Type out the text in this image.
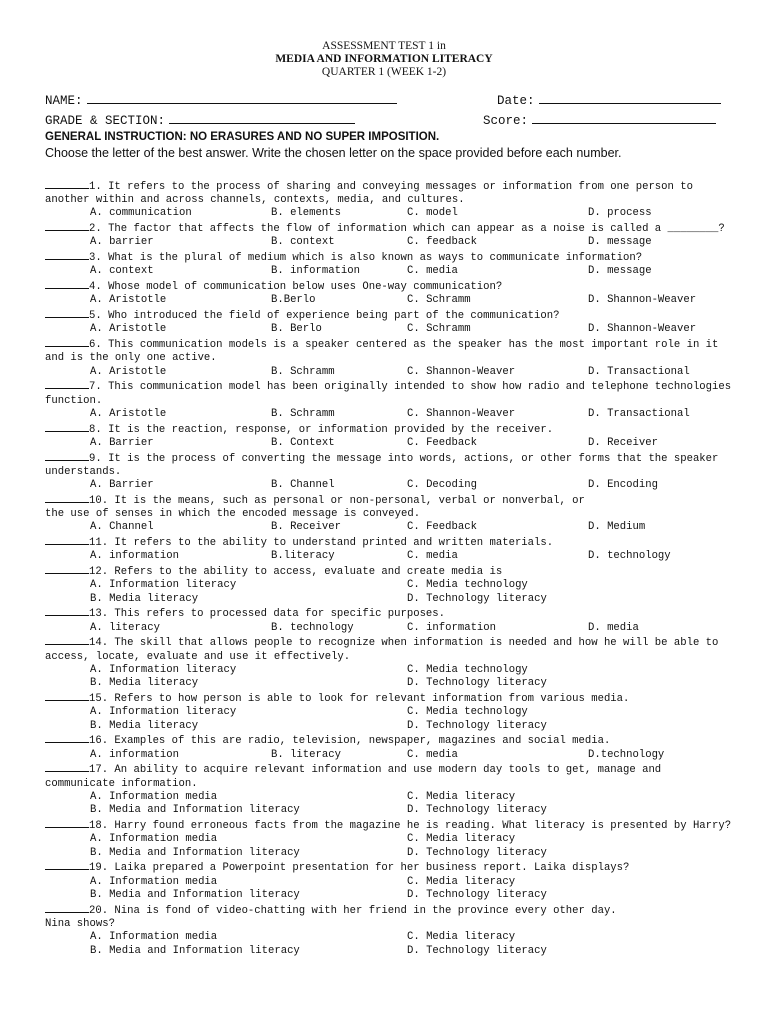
ASSESSMENT TEST 1 in
MEDIA AND INFORMATION LITERACY
QUARTER 1 (WEEK 1-2)
NAME:	Date:
GRADE & SECTION:	Score:
GENERAL INSTRUCTION: NO ERASURES AND NO SUPER IMPOSITION.
Choose the letter of the best answer. Write the chosen letter on the space provided before each number.
1. It refers to the process of sharing and conveying messages or information from one person to another within and across channels, contexts, media, and cultures.
A. communication	B. elements	C. model	D. process
2. The factor that affects the flow of information which can appear as a noise is called a ________?
A. barrier	B. context	C. feedback	D. message
3. What is the plural of medium which is also known as ways to communicate information?
A. context	B. information	C. media	D. message
4. Whose model of communication below uses One-way communication?
A. Aristotle	B.Berlo	C. Schramm	D. Shannon-Weaver
5. Who introduced the field of experience being part of the communication?
A. Aristotle	B. Berlo	C. Schramm	D. Shannon-Weaver
6. This communication models is a speaker centered as the speaker has the most important role in it and is the only one active.
A. Aristotle	B. Schramm	C. Shannon-Weaver	D. Transactional
7. This communication model has been originally intended to show how radio and telephone technologies function.
A. Aristotle	B. Schramm	C. Shannon-Weaver	D. Transactional
8. It is the reaction, response, or information provided by the receiver.
A. Barrier	B. Context	C. Feedback	D. Receiver
9. It is the process of converting the message into words, actions, or other forms that the speaker understands.
A. Barrier	B. Channel	C. Decoding	D. Encoding
10. It is the means, such as personal or non-personal, verbal or nonverbal, or
the use of senses in which the encoded message is conveyed.
A. Channel	B. Receiver	C. Feedback	D. Medium
11. It refers to the ability to understand printed and written materials.
A. information	B.literacy	C. media	D. technology
12. Refers to the ability to access, evaluate and create media is
A. Information literacy	C. Media technology
B. Media literacy	D. Technology literacy
13. This refers to processed data for specific purposes.
A. literacy	B. technology	C. information	D. media
14. The skill that allows people to recognize when information is needed and how he will be able to access, locate, evaluate and use it effectively.
A. Information literacy	C. Media technology
B. Media literacy	D. Technology literacy
15. Refers to how person is able to look for relevant information from various media.
A. Information literacy	C. Media technology
B. Media literacy	D. Technology literacy
16. Examples of this are radio, television, newspaper, magazines and social media.
A. information	B. literacy	C. media	D.technology
17. An ability to acquire relevant information and use modern day tools to get, manage and communicate information.
A. Information media	C. Media literacy
B. Media and Information literacy	D. Technology literacy
18. Harry found erroneous facts from the magazine he is reading. What literacy is presented by Harry?
A. Information media	C. Media literacy
B. Media and Information literacy	D. Technology literacy
19. Laika prepared a Powerpoint presentation for her business report. Laika displays?
A. Information media	C. Media literacy
B. Media and Information literacy	D. Technology literacy
20. Nina is fond of video-chatting with her friend in the province every other day.
Nina shows?
A. Information media	C. Media literacy
B. Media and Information literacy	D. Technology literacy
